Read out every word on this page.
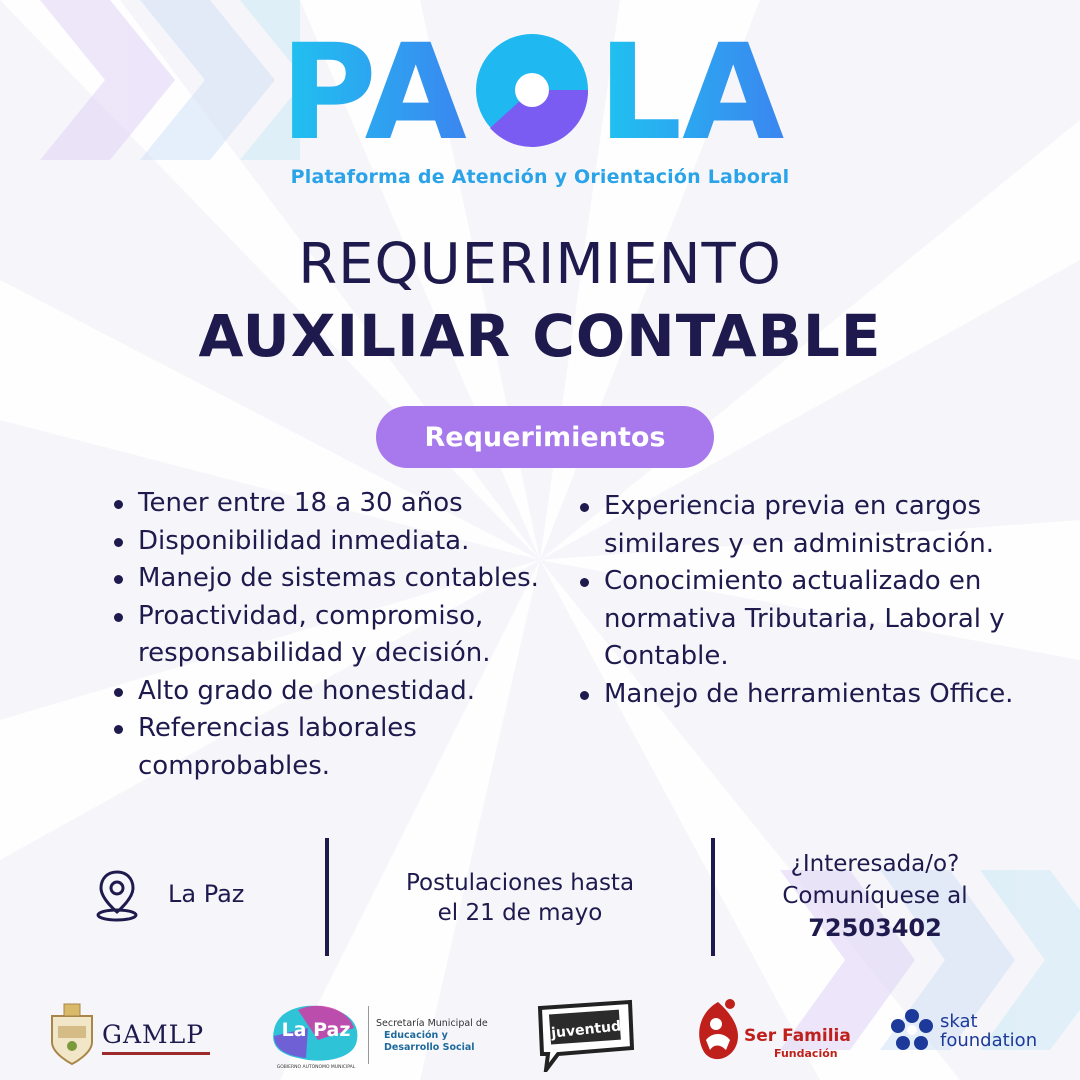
PA LA
Plataforma de Atención y Orientación Laboral
REQUERIMIENTO
AUXILIAR CONTABLE
Requerimientos
Tener entre 18 a 30 años
Disponibilidad inmediata.
Manejo de sistemas contables.
Proactividad, compromiso, responsabilidad y decisión.
Alto grado de honestidad.
Referencias laborales comprobables.
Experiencia previa en cargos similares y en administración.
Conocimiento actualizado en normativa Tributaria, Laboral y Contable.
Manejo de herramientas Office.
La Paz	Postulaciones hasta
el 21 de mayo
¿Interesada/o?
Comuníquese al
72503402
GAMLP	La Paz
GOBIERNO AUTÓNOMO MUNICIPAL
Secretaría Municipal de
Educación y
Desarrollo Social
juventud	Ser Familia
Fundación
skat
foundation
